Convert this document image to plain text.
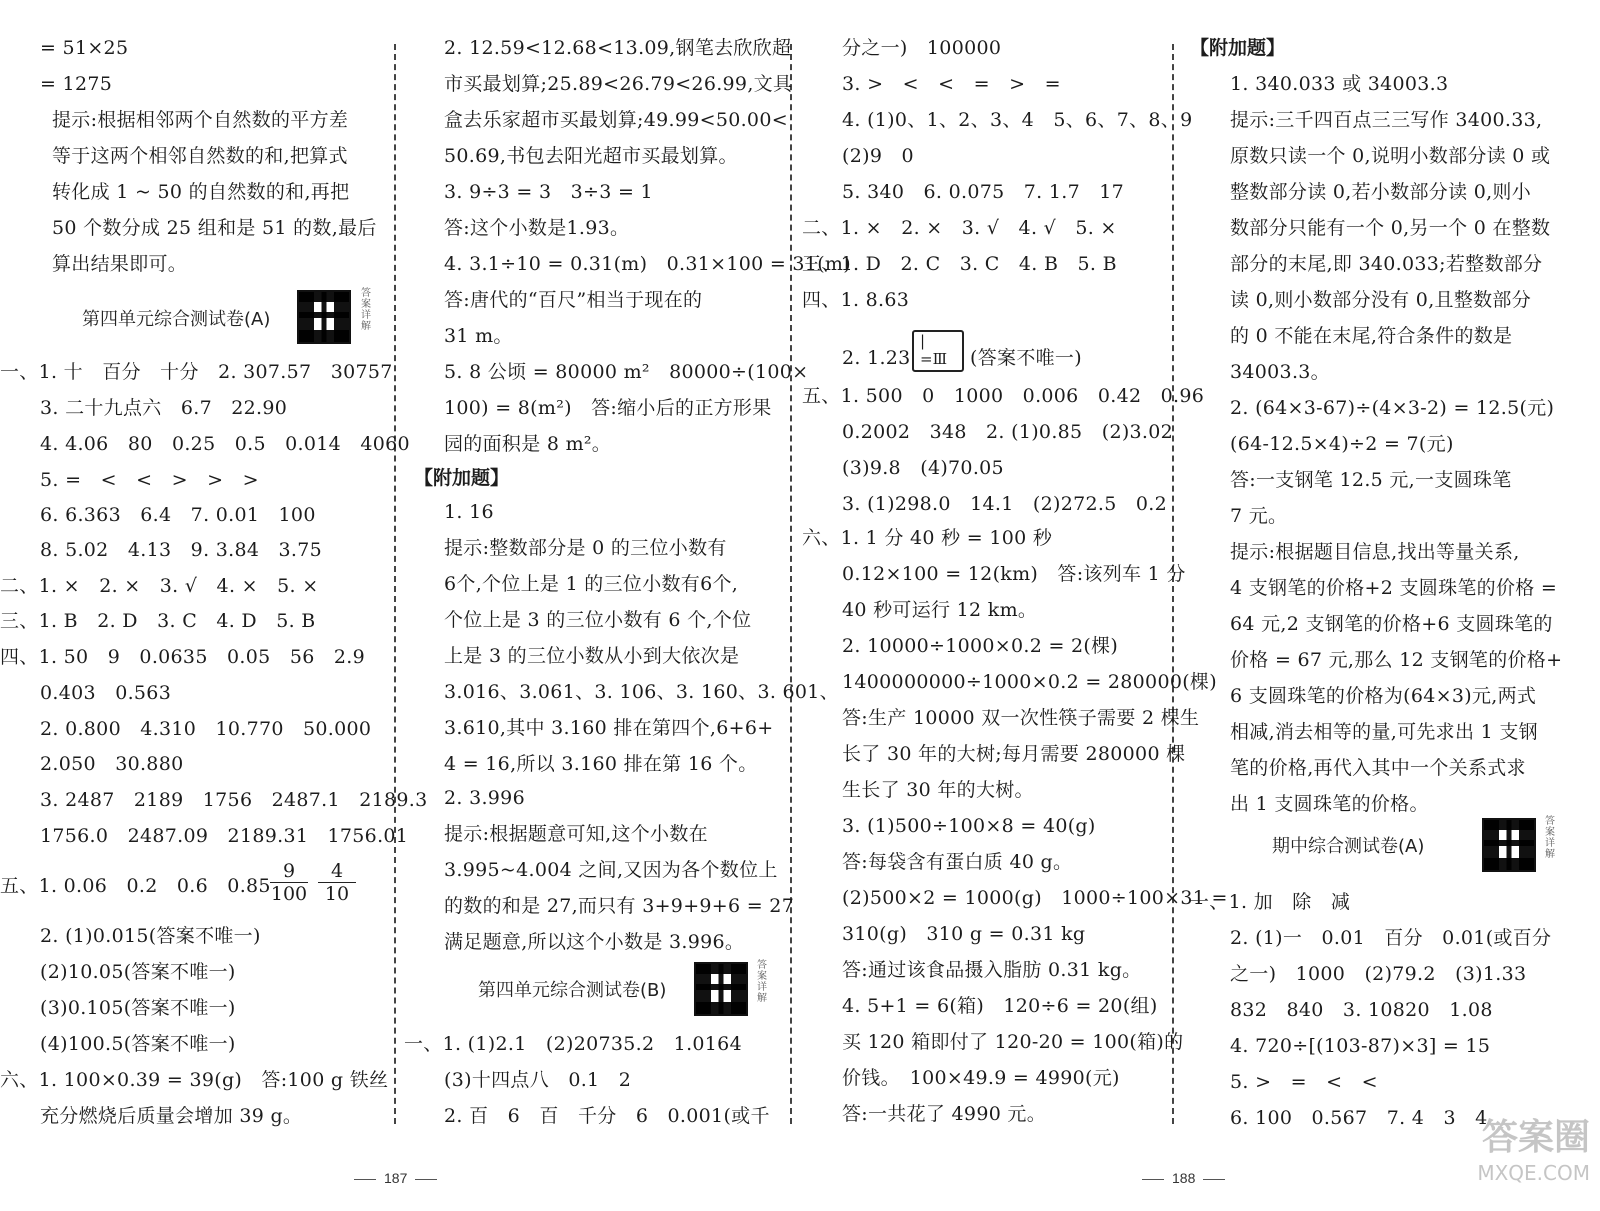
= 51×25
= 1275
提示:根据相邻两个自然数的平方差
等于这两个相邻自然数的和,把算式
转化成 1 ~ 50 的自然数的和,再把
50 个数分成 25 组和是 51 的数,最后
算出结果即可。
第四单元综合测试卷(A)
答案详解
一、1. 十　百分　十分　2. 307.57　30757
3. 二十九点六　6.7　22.90
4. 4.06　80　0.25　0.5　0.014　4060
5. =　<　<　>　>　>
6. 6.363　6.4　7. 0.01　100
8. 5.02　4.13　9. 3.84　3.75
二、1. ×　2. ×　3. √　4. ×　5. ×
三、1. B　2. D　3. C　4. D　5. B
四、1. 50　9　0.0635　0.05　56　2.9
0.403　0.563
2. 0.800　4.310　10.770　50.000
2.050　30.880
3. 2487　2189　1756　2487.1　2189.3
1756.0　2487.09　2189.31　1756.01
五、1. 0.06　0.2　0.6　$0.85 \frac{9}{100} \frac{4}{10}$
2. (1)0.015(答案不唯一)
(2)10.05(答案不唯一)
(3)0.105(答案不唯一)
(4)100.5(答案不唯一)
六、1. 100×0.39 = 39(g)　答:100 g 铁丝
充分燃烧后质量会增加 39 g。
2. 12.59<12.68<13.09,钢笔去欣欣超
市买最划算;25.89<26.79<26.99,文具
盒去乐家超市买最划算;49.99<50.00<
50.69,书包去阳光超市买最划算。
3. 9÷3 = 3　3÷3 = 1
答:这个小数是1.93。
4. 3.1÷10 = 0.31(m)　0.31×100 = 31(m)
答:唐代的“百尺”相当于现在的
31 m。
5. 8 公顷 = 80000 m²　80000÷(100×
100) = 8(m²)　答:缩小后的正方形果
园的面积是 8 m²。
【附加题】
1. 16
提示:整数部分是 0 的三位小数有
6个,个位上是 1 的三位小数有6个,
个位上是 3 的三位小数有 6 个,个位
上是 3 的三位小数从小到大依次是
3.016、3.061、3. 106、3. 160、3. 601、
3.610,其中 3.160 排在第四个,6+6+
4 = 16,所以 3.160 排在第 16 个。
2. 3.996
提示:根据题意可知,这个小数在
3.995~4.004 之间,又因为各个数位上
的数的和是 27,而只有 3+9+9+6 = 27
满足题意,所以这个小数是 3.996。
第四单元综合测试卷(B)
答案详解
一、1. (1)2.1　(2)20735.2　1.0164
(3)十四点八　0.1　2
2. 百　6　百　千分　6　0.001(或千
分之一)　100000
3. >　<　<　=　>　=
4. (1)0、1、2、3、4　5、6、7、8、9
(2)9　0
5. 340　6. 0.075　7. 1.7　17
二、1. ×　2. ×　3. √　4. √　5. ×
三、1. D　2. C　3. C　4. B　5. B
四、1. 8.63
2. 1.23
|
=Ⅲ	(答案不唯一)
五、1. 500　0　1000　0.006　0.42　0.96
0.2002　348　2. (1)0.85　(2)3.02
(3)9.8　(4)70.05
3. (1)298.0　14.1　(2)272.5　0.2
六、1. 1 分 40 秒 = 100 秒
0.12×100 = 12(km)　答:该列车 1 分
40 秒可运行 12 km。
2. 10000÷1000×0.2 = 2(棵)
1400000000÷1000×0.2 = 280000(棵)
答:生产 10000 双一次性筷子需要 2 棵生
长了 30 年的大树;每月需要 280000 棵
生长了 30 年的大树。
3. (1)500÷100×8 = 40(g)
答:每袋含有蛋白质 40 g。
(2)500×2 = 1000(g)　1000÷100×31 =
310(g)　310 g = 0.31 kg
答:通过该食品摄入脂肪 0.31 kg。
4. 5+1 = 6(箱)　120÷6 = 20(组)
买 120 箱即付了 120-20 = 100(箱)的
价钱。　100×49.9 = 4990(元)
答:一共花了 4990 元。
【附加题】
1. 340.033 或 34003.3
提示:三千四百点三三写作 3400.33,
原数只读一个 0,说明小数部分读 0 或
整数部分读 0,若小数部分读 0,则小
数部分只能有一个 0,另一个 0 在整数
部分的末尾,即 340.033;若整数部分
读 0,则小数部分没有 0,且整数部分
的 0 不能在末尾,符合条件的数是
34003.3。
2. (64×3-67)÷(4×3-2) = 12.5(元)
(64-12.5×4)÷2 = 7(元)
答:一支钢笔 12.5 元,一支圆珠笔
7 元。
提示:根据题目信息,找出等量关系,
4 支钢笔的价格+2 支圆珠笔的价格 =
64 元,2 支钢笔的价格+6 支圆珠笔的
价格 = 67 元,那么 12 支钢笔的价格+
6 支圆珠笔的价格为(64×3)元,两式
相减,消去相等的量,可先求出 1 支钢
笔的价格,再代入其中一个关系式求
出 1 支圆珠笔的价格。
期中综合测试卷(A)
答案详解
一、1. 加　除　减
2. (1)一　0.01　百分　0.01(或百分
之一)　1000　(2)79.2　(3)1.33
832　840　3. 10820　1.08
4. 720÷[(103-87)×3] = 15
5. >　=　<　<
6. 100　0.567　7. 4　3　4
187	188
答案圈
MXQE.COM
